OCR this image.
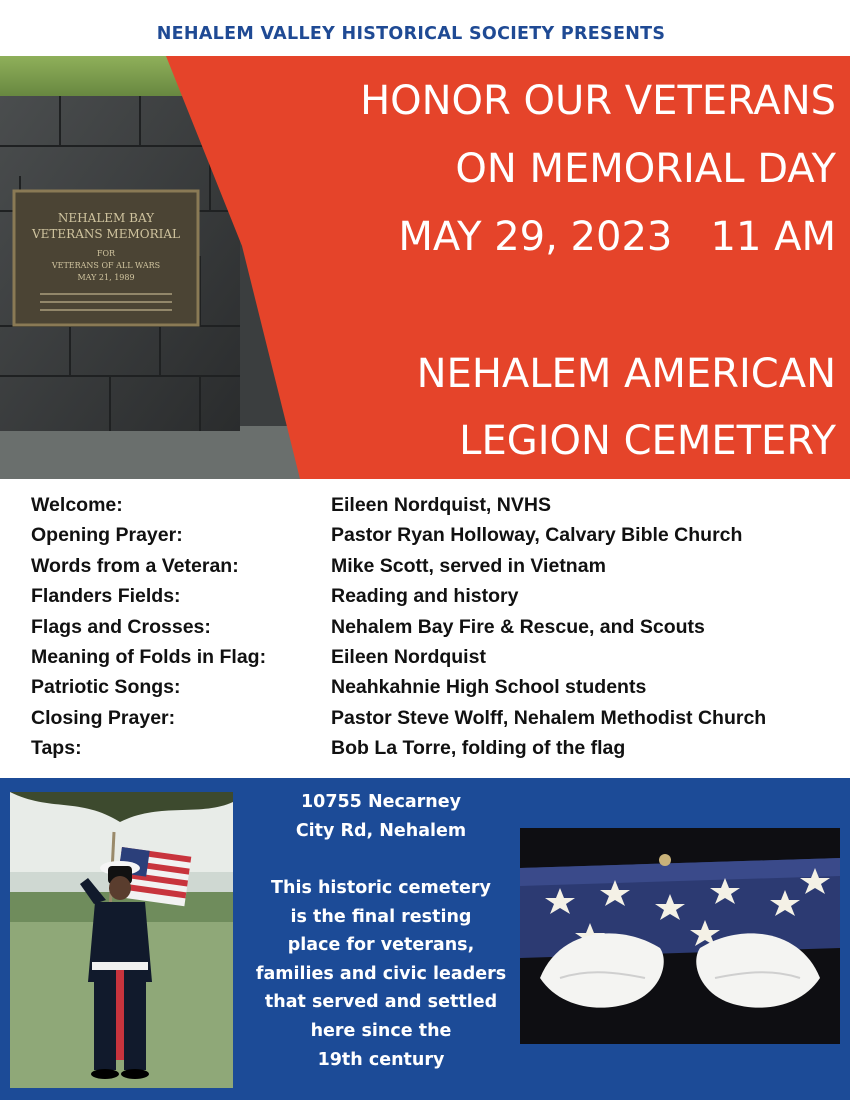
NEHALEM VALLEY HISTORICAL SOCIETY PRESENTS
NEHALEM BAY
VETERANS MEMORIAL
FOR
VETERANS OF ALL WARS
MAY 21, 1989
HONOR OUR VETERANS
ON MEMORIAL DAY
MAY 29, 2023   11 AM
NEHALEM AMERICAN
LEGION CEMETERY
Welcome:	Eileen Nordquist, NVHS
Opening Prayer:	Pastor Ryan Holloway, Calvary Bible Church
Words from a Veteran:	Mike Scott, served in Vietnam
Flanders Fields:	Reading and history
Flags and Crosses:	Nehalem Bay Fire & Rescue, and Scouts
Meaning of Folds in Flag:	Eileen Nordquist
Patriotic Songs:	Neahkahnie High School students
Closing Prayer:	Pastor Steve Wolff, Nehalem Methodist Church
Taps:	Bob La Torre, folding of the flag
10755 Necarney
City Rd, Nehalem
This historic cemetery
is the final resting
place for veterans,
families and civic leaders
that served and settled
here since the
19th century
